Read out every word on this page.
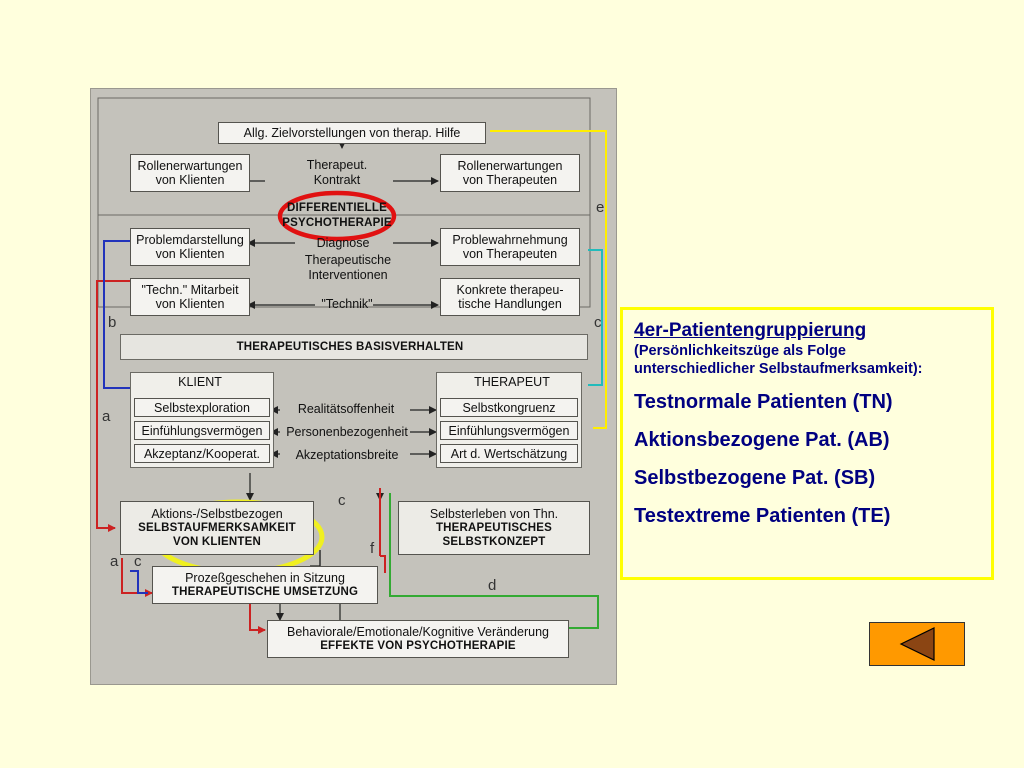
Allg. Zielvorstellungen von therap. Hilfe
Rollenerwartungen
von Klienten
Therapeut.
Kontrakt
Rollenerwartungen
von Therapeuten
DIFFERENTIELLE
PSYCHOTHERAPIE
Problemdarstellung
von Klienten
Diagnose	Problewahrnehmung
von Therapeuten
Therapeutische
Interventionen
"Techn." Mitarbeit
von Klienten	"Technik"
Konkrete therapeu-
tische Handlungen
THERAPEUTISCHES BASISVERHALTEN
KLIENT
Selbstexploration
Einfühlungsvermögen
Akzeptanz/Kooperat.
Realitätsoffenheit
Personenbezogenheit
Akzeptationsbreite
THERAPEUT
Selbstkongruenz
Einfühlungsvermögen
Art d. Wertschätzung
Aktions-/Selbstbezogen
SELBSTAUFMERKSAMKEIT
VON KLIENTEN
Selbsterleben von Thn.
THERAPEUTISCHES
SELBSTKONZEPT
Prozeßgeschehen in Sitzung
THERAPEUTISCHE UMSETZUNG
Behaviorale/Emotionale/Kognitive Veränderung
EFFEKTE VON PSYCHOTHERAPIE
b
a
a c
c
f
d
c
e
4er-Patientengruppierung
(Persönlichkeitszüge als Folge
unterschiedlicher Selbstaufmerksamkeit):
Testnormale Patienten (TN)
Aktionsbezogene Pat. (AB)
Selbstbezogene Pat. (SB)
Testextreme Patienten (TE)
